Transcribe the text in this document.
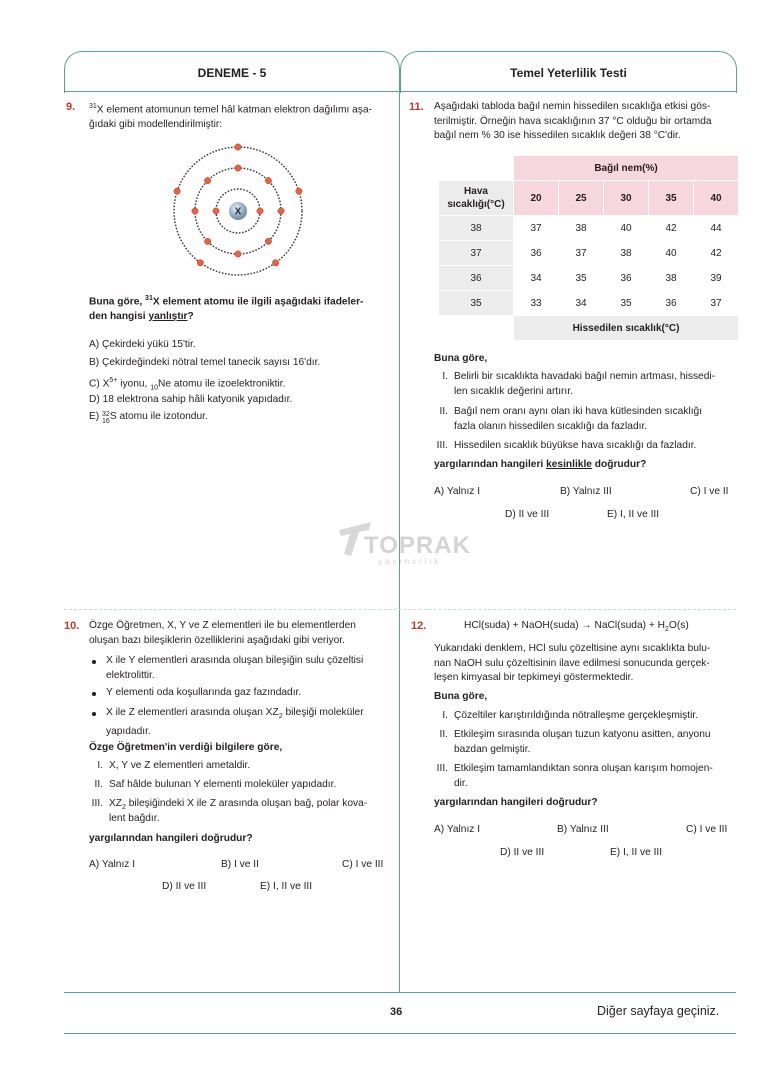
DENEME - 5	Temel Yeterlilik Testi
9. $^{31}$X element atomunun temel hâl katman elektron dağılımı aşa-
ğıdaki gibi modellendirilmiştir:
X
Buna göre, $^{31}$X element atomu ile ilgili aşağıdaki ifadeler-
den hangisi yanlıştır?
A) Çekirdeki yükü 15'tir.
B) Çekirdeğindeki nötral temel tanecik sayısı 16'dır.
C) $X^{5+}$ iyonu, $_{10}$Ne atomu ile izoelektroniktir.
D) 18 elektrona sahip hâli katyonik yapıdadır.
E) 32
16S atomu ile izotondur.
11. Aşağıdaki tabloda bağıl nemin hissedilen sıcaklığa etkisi gös-
terilmiştir. Örneğin hava sıcaklığının 37 °C olduğu bir ortamda
bağıl nem % 30 ise hissedilen sıcaklık değeri 38 °C'dir.
	Bağıl nem(%)				
Hava
sıcaklığı(°C)	20	25	30	35	40
38	37	38	40	42	44
37	36	37	38	40	42
36	34	35	36	38	39
35	33	34	35	36	37
	Hissedilen sıcaklık(°C)				
Buna göre,
I. Belirli bir sıcaklıkta havadaki bağıl nemin artması, hissedi-
len sıcaklık değerini artırır.
II. Bağıl nem oranı aynı olan iki hava kütlesinden sıcaklığı
fazla olanın hissedilen sıcaklığı da fazladır.
III. Hissedilen sıcaklık büyükse hava sıcaklığı da fazladır.
yargılarından hangileri kesinlikle doğrudur?
A) Yalnız I	B) Yalnız III	C) I ve II
D) II ve III	E) I, II ve III
TOPRAK
yayıncılık
10. Özge Öğretmen, X, Y ve Z elementleri ile bu elementlerden
oluşan bazı bileşiklerin özelliklerini aşağıdaki gibi veriyor.
X ile Y elementleri arasında oluşan bileşiğin sulu çözeltisi
elektrolittir.
Y elementi oda koşullarında gaz fazındadır.
X ile Z elementleri arasında oluşan $XZ_2$ bileşiği moleküler
yapıdadır.
Özge Öğretmen'in verdiği bilgilere göre,
I. X, Y ve Z elementleri ametaldir.
II. Saf hâlde bulunan Y elementi moleküler yapıdadır.
III. $XZ_2$ bileşiğindeki X ile Z arasında oluşan bağ, polar kova-
lent bağdır.
yargılarından hangileri doğrudur?
A) Yalnız I	B) I ve II	C) I ve III
D) II ve III	E) I, II ve III
12.	HCl(suda) + NaOH(suda) → NaCl(suda) + $H_2O(s)$
Yukarıdaki denklem, HCl sulu çözeltisine aynı sıcaklıkta bulu-
nan NaOH sulu çözeltisinin ilave edilmesi sonucunda gerçek-
leşen kimyasal bir tepkimeyi göstermektedir.
Buna göre,
I. Çözeltiler karıştırıldığında nötralleşme gerçekleşmiştir.
II. Etkileşim sırasında oluşan tuzun katyonu asitten, anyonu
bazdan gelmiştir.
III. Etkileşim tamamlandıktan sonra oluşan karışım homojen-
dir.
yargılarından hangileri doğrudur?
A) Yalnız I	B) Yalnız III	C) I ve III
D) II ve III	E) I, II ve III
36	Diğer sayfaya geçiniz.
